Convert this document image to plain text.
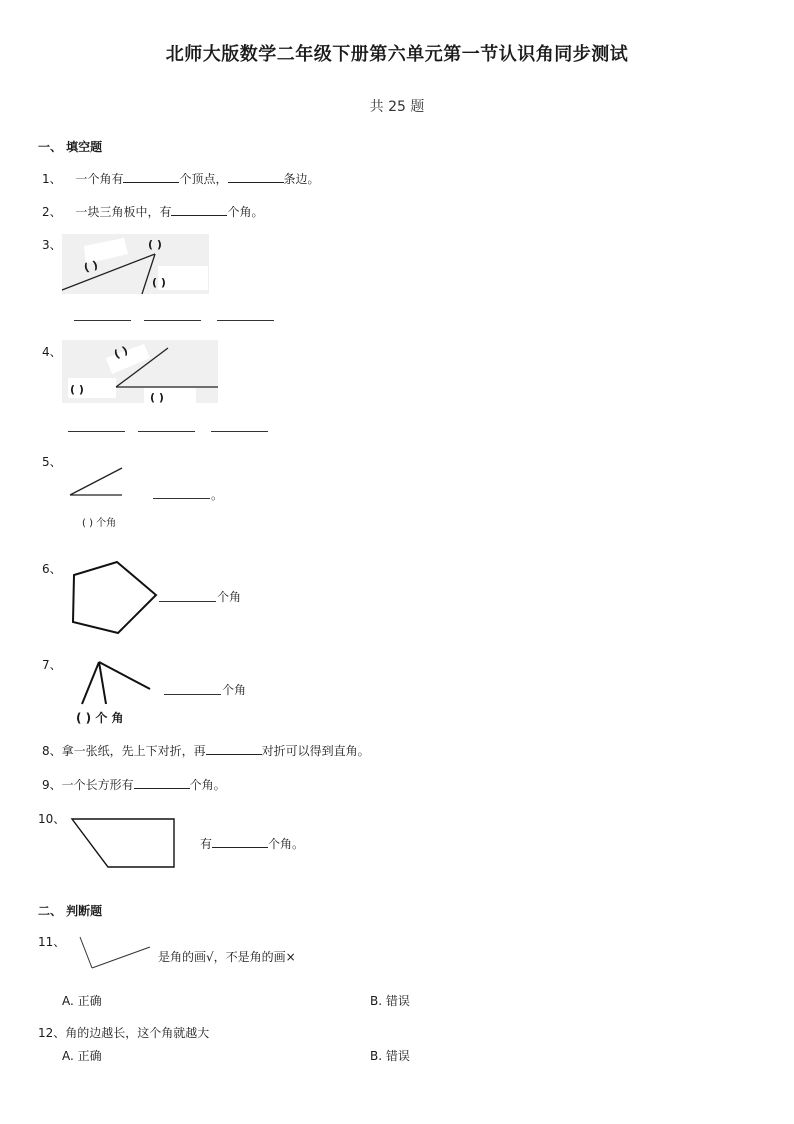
北师大版数学二年级下册第六单元第一节认识角同步测试
共 25 题
一、 填空题
1、 一个角有	个顶点，	条边。
2、 一块三角板中，有	个角。
3、	( )
( )
( )
4、	( )
( )
( )
5、
。
( ) 个角
6、
个角
7、
个角
( ) 个 角
8、拿一张纸，先上下对折，再	对折可以得到直角。
9、一个长方形有	个角。
10、
有	个角。
二、 判断题
11、
是角的画√，不是角的画×
A. 正确	B. 错误
12、角的边越长，这个角就越大
A. 正确	B. 错误
